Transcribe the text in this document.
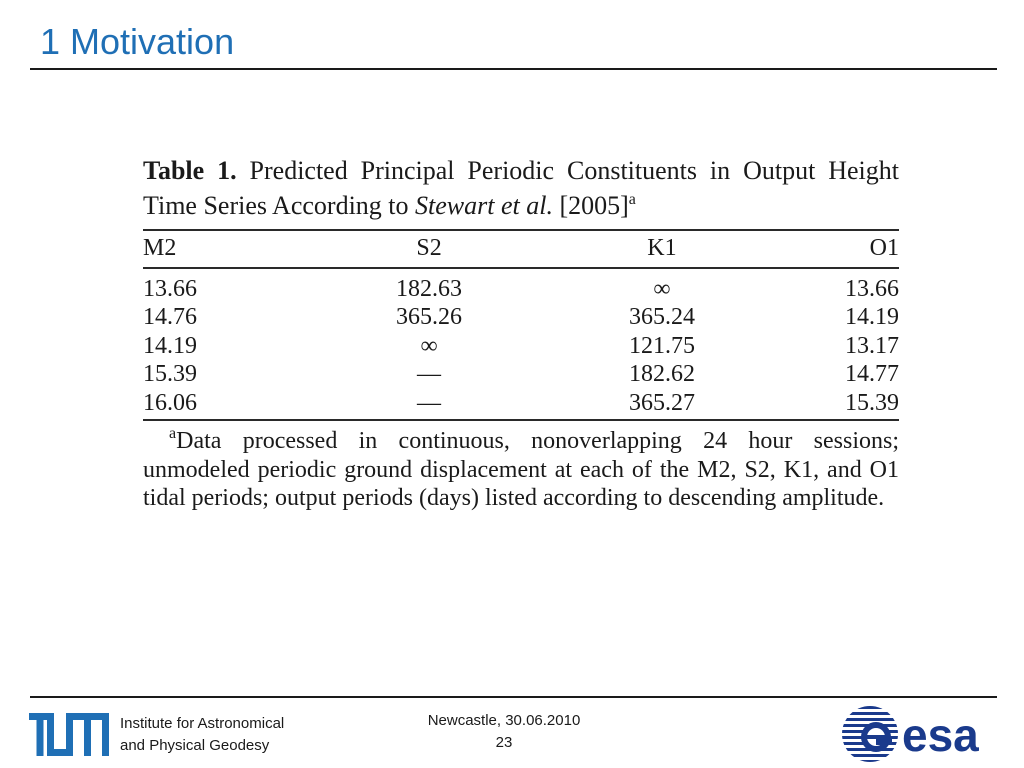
1 Motivation
Table 1. Predicted Principal Periodic Constituents in Output Height Time Series According to Stewart et al. $[2005]^a$
M2	S2	K1	O1
13.66	182.63	∞	13.66
14.76	365.26	365.24	14.19
14.19	∞	121.75	13.17
15.39	—	182.62	14.77
16.06	—	365.27	15.39
$^a$Data processed in continuous, nonoverlapping 24 hour sessions; unmodeled periodic ground displacement at each of the M2, S2, K1, and O1 tidal periods; output periods (days) listed according to descending amplitude.
Institute for Astronomical
and Physical Geodesy
Newcastle, 30.06.2010
23	esa
